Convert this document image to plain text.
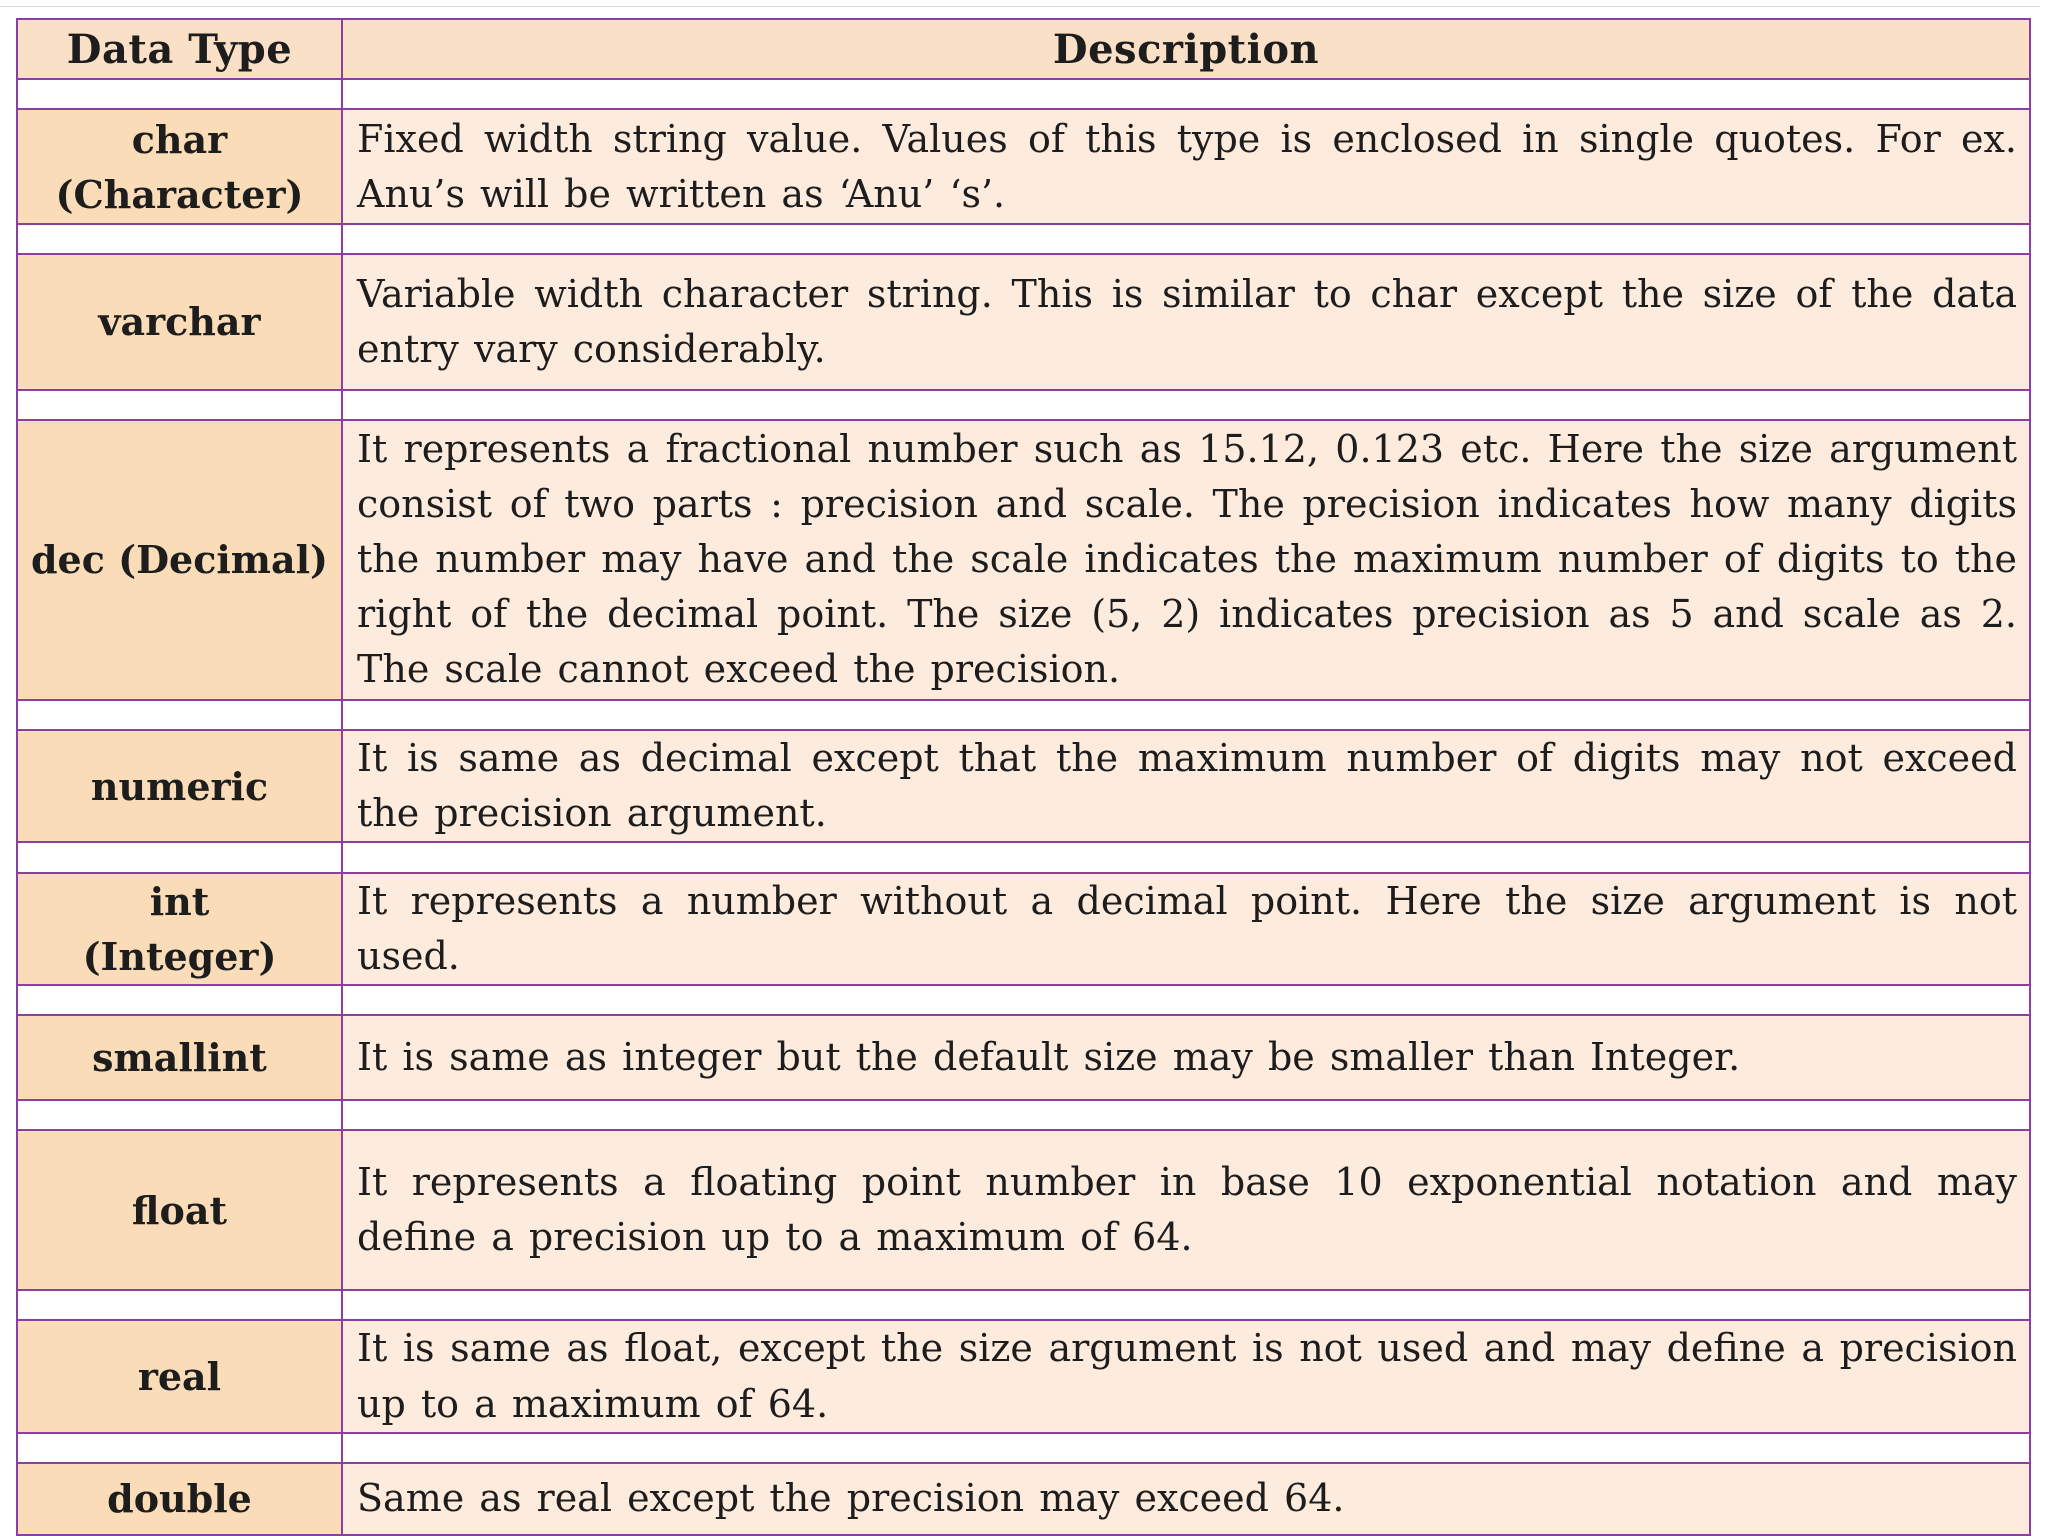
Data Type	Description

char
(Character)	Fixed width string value. Values of this type is enclosed in single quotes. For ex. Anu’s will be written as ‘Anu’ ‘s’.

varchar	Variable width character string. This is similar to char except the size of the data entry vary considerably.

dec (Decimal)	It represents a fractional number such as 15.12, 0.123 etc. Here the size argument consist of two parts : precision and scale. The precision indicates how many digits the number may have and the scale indicates the maximum number of digits to the right of the decimal point. The size (5, 2) indicates precision as 5 and scale as 2. The scale cannot exceed the precision.

numeric	It is same as decimal except that the maximum number of digits may not exceed the precision argument.

int
(Integer)	It represents a number without a decimal point. Here the size argument is not used.

smallint	It is same as integer but the default size may be smaller than Integer.

float	It represents a floating point number in base 10 exponential notation and may define a precision up to a maximum of 64.

real	It is same as float, except the size argument is not used and may define a precision up to a maximum of 64.

double	Same as real except the precision may exceed 64.
